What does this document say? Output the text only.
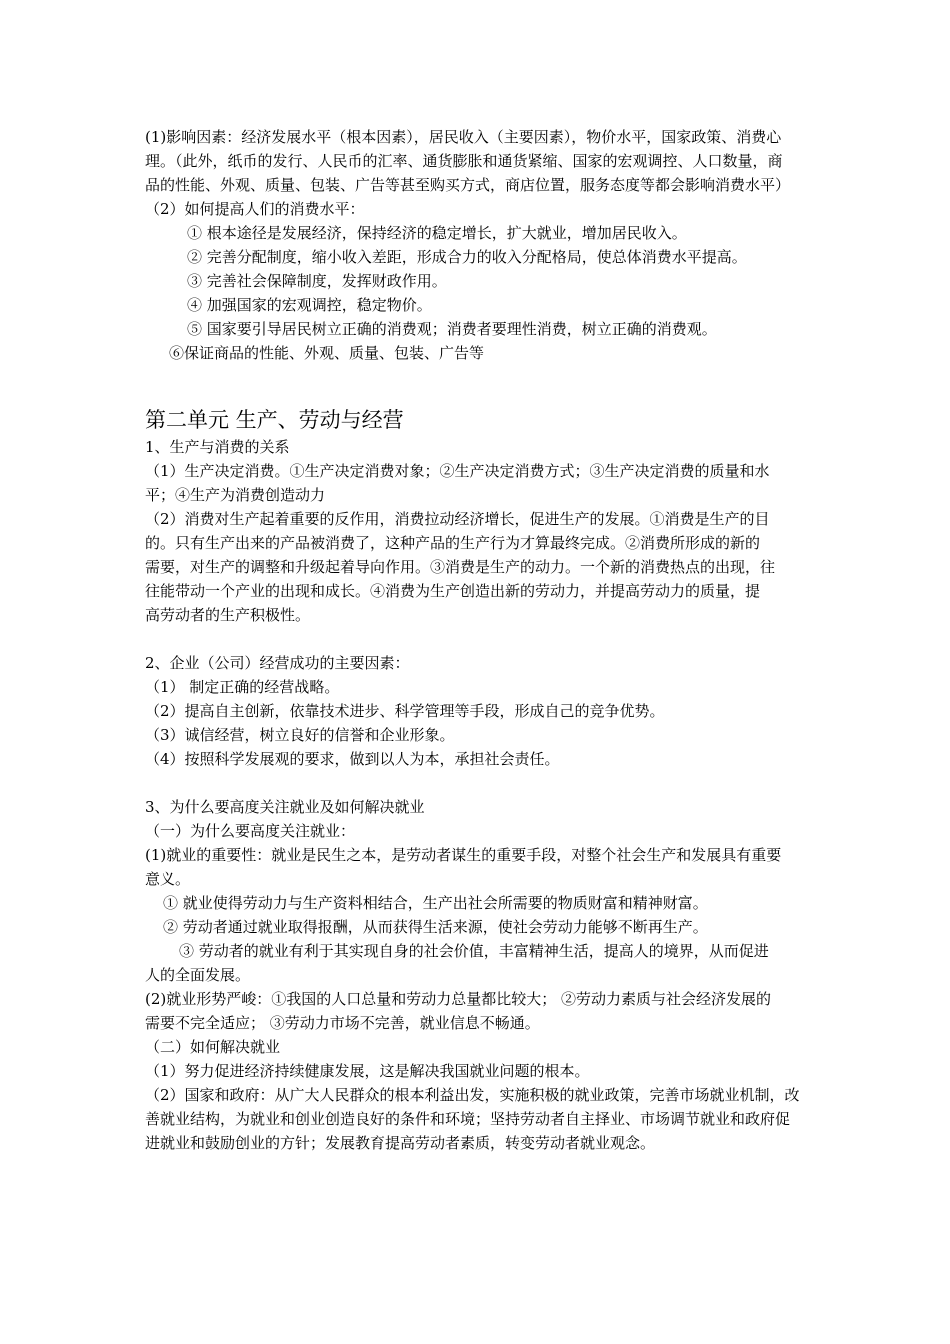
(1)影响因素：经济发展水平（根本因素），居民收入（主要因素），物价水平，国家政策、消费心
理。（此外，纸币的发行、人民币的汇率、通货膨胀和通货紧缩、国家的宏观调控、人口数量，商
品的性能、外观、质量、包装、广告等甚至购买方式，商店位置，服务态度等都会影响消费水平）
（2）如何提高人们的消费水平：
① 根本途径是发展经济，保持经济的稳定增长，扩大就业，增加居民收入。
② 完善分配制度，缩小收入差距，形成合力的收入分配格局，使总体消费水平提高。
③ 完善社会保障制度，发挥财政作用。
④ 加强国家的宏观调控，稳定物价。
⑤ 国家要引导居民树立正确的消费观；消费者要理性消费，树立正确的消费观。
⑥保证商品的性能、外观、质量、包装、广告等
第二单元 生产、劳动与经营
1、生产与消费的关系
（1）生产决定消费。①生产决定消费对象；②生产决定消费方式；③生产决定消费的质量和水
平；④生产为消费创造动力
（2）消费对生产起着重要的反作用，消费拉动经济增长，促进生产的发展。①消费是生产的目
的。只有生产出来的产品被消费了，这种产品的生产行为才算最终完成。②消费所形成的新的
需要，对生产的调整和升级起着导向作用。③消费是生产的动力。一个新的消费热点的出现，往
往能带动一个产业的出现和成长。④消费为生产创造出新的劳动力，并提高劳动力的质量，提
高劳动者的生产积极性。
2、企业（公司）经营成功的主要因素：
（1） 制定正确的经营战略。
（2）提高自主创新，依靠技术进步、科学管理等手段，形成自己的竞争优势。
（3）诚信经营，树立良好的信誉和企业形象。
（4）按照科学发展观的要求，做到以人为本，承担社会责任。
3、为什么要高度关注就业及如何解决就业
（一）为什么要高度关注就业：
(1)就业的重要性：就业是民生之本，是劳动者谋生的重要手段，对整个社会生产和发展具有重要
意义。
① 就业使得劳动力与生产资料相结合，生产出社会所需要的物质财富和精神财富。
② 劳动者通过就业取得报酬，从而获得生活来源，使社会劳动力能够不断再生产。
③ 劳动者的就业有利于其实现自身的社会价值，丰富精神生活，提高人的境界，从而促进
人的全面发展。
(2)就业形势严峻：①我国的人口总量和劳动力总量都比较大； ②劳动力素质与社会经济发展的
需要不完全适应； ③劳动力市场不完善，就业信息不畅通。
（二）如何解决就业
（1）努力促进经济持续健康发展，这是解决我国就业问题的根本。
（2）国家和政府：从广大人民群众的根本利益出发，实施积极的就业政策，完善市场就业机制，改
善就业结构，为就业和创业创造良好的条件和环境；坚持劳动者自主择业、市场调节就业和政府促
进就业和鼓励创业的方针；发展教育提高劳动者素质，转变劳动者就业观念。
